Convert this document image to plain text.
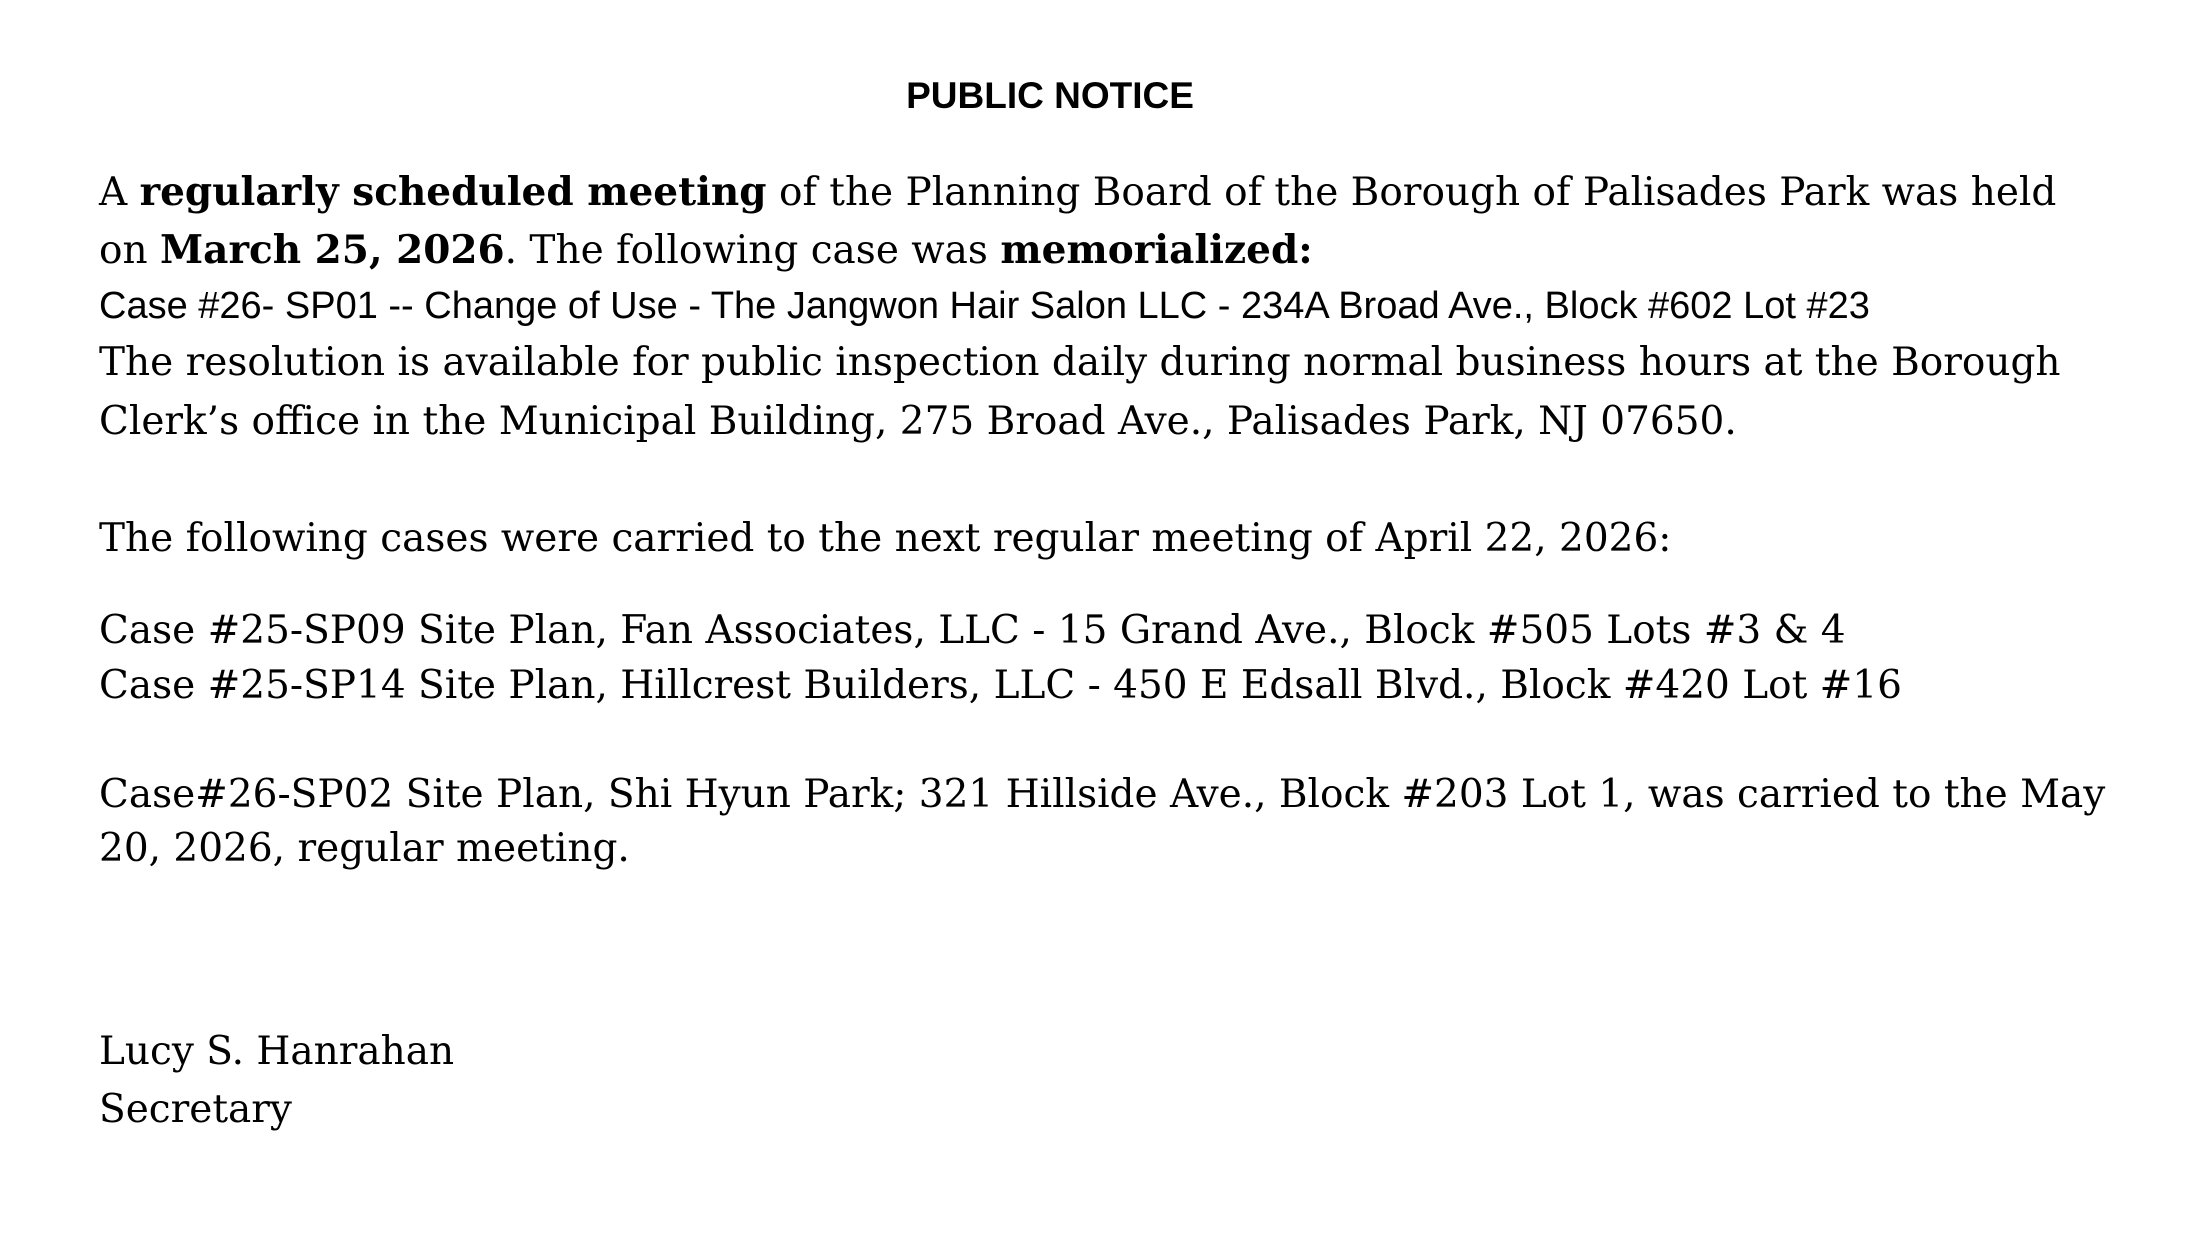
PUBLIC NOTICE
A regularly scheduled meeting of the Planning Board of the Borough of Palisades Park was held
on March 25, 2026. The following case was memorialized:
Case #26- SP01 -- Change of Use - The Jangwon Hair Salon LLC - 234A Broad Ave., Block #602 Lot #23
The resolution is available for public inspection daily during normal business hours at the Borough
Clerk’s office in the Municipal Building, 275 Broad Ave., Palisades Park, NJ 07650.
The following cases were carried to the next regular meeting of April 22, 2026:
Case #25-SP09 Site Plan, Fan Associates, LLC - 15 Grand Ave., Block #505 Lots #3 & 4
Case #25-SP14 Site Plan, Hillcrest Builders, LLC - 450 E Edsall Blvd., Block #420 Lot #16
Case#26-SP02 Site Plan, Shi Hyun Park; 321 Hillside Ave., Block #203 Lot 1, was carried to the May
20, 2026, regular meeting.
Lucy S. Hanrahan
Secretary
